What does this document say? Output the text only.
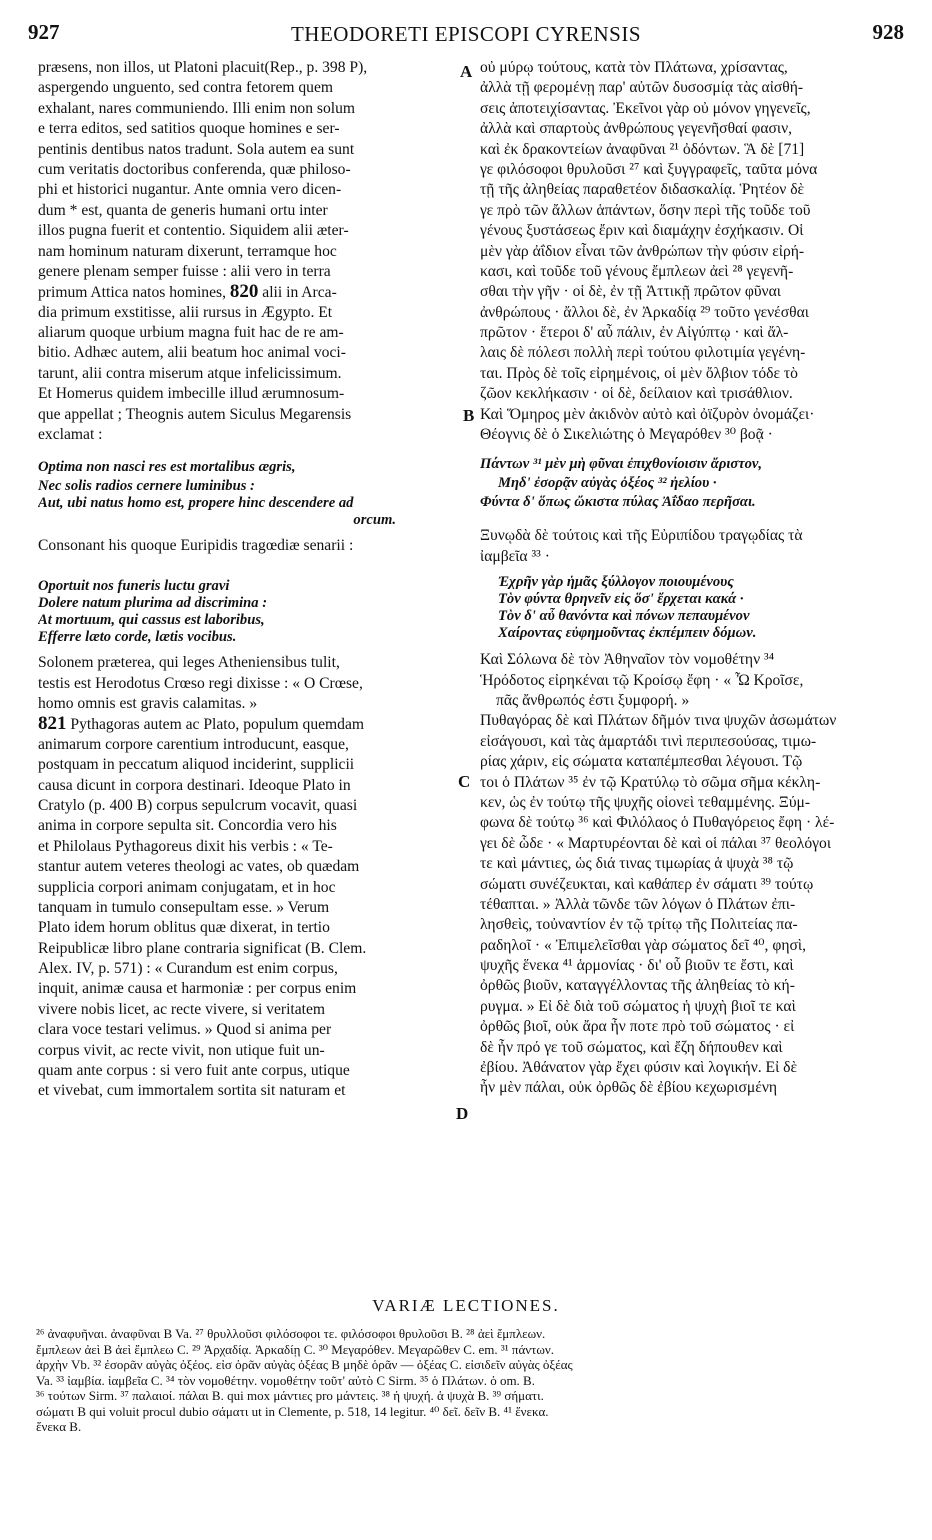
927	THEODORETI EPISCOPI CYRENSIS	928
A
B
C
D
præsens, non illos, ut Platoni placuit(Rep., p. 398 P),
aspergendo unguento, sed contra fetorem quem
exhalant, nares communiendo. Illi enim non solum
e terra editos, sed satitios quoque homines e ser-
pentinis dentibus natos tradunt. Sola autem ea sunt
cum veritatis doctoribus conferenda, quæ philoso-
phi et historici nugantur. Ante omnia vero dicen-
dum * est, quanta de generis humani ortu inter
illos pugna fuerit et contentio. Siquidem alii æter-
nam hominum naturam dixerunt, terramque hoc
genere plenam semper fuisse : alii vero in terra
primum Attica natos homines, 820 alii in Arca-
dia primum exstitisse, alii rursus in Ægypto. Et
aliarum quoque urbium magna fuit hac de re am-
bitio. Adhæc autem, alii beatum hoc animal voci-
tarunt, alii contra miserum atque infelicissimum.
Et Homerus quidem imbecille illud ærumnosum-
que appellat ; Theognis autem Siculus Megarensis
exclamat :
Optima non nasci res est mortalibus ægris,
Nec solis radios cernere luminibus :
Aut, ubi natus homo est, propere hinc descendere ad
orcum.
Consonant his quoque Euripidis tragœdiæ senarii :
Oportuit nos funeris luctu gravi
Dolere natum plurima ad discrimina :
At mortuum, qui cassus est laboribus,
Efferre læto corde, lætis vocibus.
Solonem præterea, qui leges Atheniensibus tulit,
testis est Herodotus Crœso regi dixisse : « O Crœse,
homo omnis est gravis calamitas. »
821 Pythagoras autem ac Plato, populum quemdam
animarum corpore carentium introducunt, easque,
postquam in peccatum aliquod inciderint, supplicii
causa dicunt in corpora destinari. Ideoque Plato in
Cratylo (p. 400 B) corpus sepulcrum vocavit, quasi
anima in corpore sepulta sit. Concordia vero his
et Philolaus Pythagoreus dixit his verbis : « Te-
stantur autem veteres theologi ac vates, ob quædam
supplicia corpori animam conjugatam, et in hoc
tanquam in tumulo consepultam esse. » Verum
Plato idem horum oblitus quæ dixerat, in tertio
Reipublicæ libro plane contraria significat (B. Clem.
Alex. IV, p. 571) : « Curandum est enim corpus,
inquit, animæ causa et harmoniæ : per corpus enim
vivere nobis licet, ac recte vivere, si veritatem
clara voce testari velimus. » Quod si anima per
corpus vivit, ac recte vivit, non utique fuit un-
quam ante corpus : si vero fuit ante corpus, utique
et vivebat, cum immortalem sortita sit naturam et
οὐ μύρῳ τούτους, κατὰ τὸν Πλάτωνα, χρίσαντας,
ἀλλὰ τῇ φερομένῃ παρ' αὐτῶν δυσοσμίᾳ τὰς αἰσθή-
σεις ἀποτειχίσαντας. Ἐκεῖνοι γὰρ οὐ μόνον γηγενεῖς,
ἀλλὰ καὶ σπαρτοὺς ἀνθρώπους γεγενῆσθαί φασιν,
καὶ ἐκ δρακοντείων ἀναφῦναι ²¹ ὀδόντων. Ἃ δὲ [71]
γε φιλόσοφοι θρυλοῦσι ²⁷ καὶ ξυγγραφεῖς, ταῦτα μόνα
τῇ τῆς ἀληθείας παραθετέον διδασκαλίᾳ. Ῥητέον δὲ
γε πρὸ τῶν ἄλλων ἁπάντων, ὅσην περὶ τῆς τοῦδε τοῦ
γένους ξυστάσεως ἔριν καὶ διαμάχην ἐσχήκασιν. Οἱ
μὲν γὰρ ἀΐδιον εἶναι τῶν ἀνθρώπων τὴν φύσιν εἰρή-
κασι, καὶ τοῦδε τοῦ γένους ἔμπλεων ἀεὶ ²⁸ γεγενῆ-
σθαι τὴν γῆν · οἱ δὲ, ἐν τῇ Ἀττικῇ πρῶτον φῦναι
ἀνθρώπους · ἄλλοι δὲ, ἐν Ἀρκαδίᾳ ²⁹ τοῦτο γενέσθαι
πρῶτον · ἕτεροι δ' αὖ πάλιν, ἐν Αἰγύπτῳ · καὶ ἄλ-
λαις δὲ πόλεσι πολλὴ περὶ τούτου φιλοτιμία γεγένη-
ται. Πρὸς δὲ τοῖς εἰρημένοις, οἱ μὲν ὄλβιον τόδε τὸ
ζῶον κεκλήκασιν · οἱ δὲ, δείλαιον καὶ τρισάθλιον.
Καὶ Ὅμηρος μὲν ἀκιδνὸν αὐτὸ καὶ ὀϊζυρὸν ὀνομάζει·
Θέογνις δὲ ὁ Σικελιώτης ὁ Μεγαρόθεν ³⁰ βοᾷ ·
Πάντων ³¹ μὲν μὴ φῦναι ἐπιχθονίοισιν ἄριστον,
Μηδ' ἐσορᾷν αὐγὰς ὀξέος ³² ἠελίου ·
Φύντα δ' ὅπως ὤκιστα πύλας Ἀΐδαο περῆσαι.
Ξυνῳδὰ δὲ τούτοις καὶ τῆς Εὐριπίδου τραγῳδίας τὰ
ἰαμβεῖα ³³ ·
Ἐχρῆν γὰρ ἡμᾶς ξύλλογον ποιουμένους
Τὸν φύντα θρηνεῖν εἰς ὅσ' ἔρχεται κακά ·
Τὸν δ' αὖ θανόντα καὶ πόνων πεπαυμένον
Χαίροντας εὐφημοῦντας ἐκπέμπειν δόμων.
Καὶ Σόλωνα δὲ τὸν Ἀθηναῖον τὸν νομοθέτην ³⁴
Ἡρόδοτος εἰρηκέναι τῷ Κροίσῳ ἔφη · « Ὦ Κροῖσε,
πᾶς ἄνθρωπός ἐστι ξυμφορή. »
Πυθαγόρας δὲ καὶ Πλάτων δῆμόν τινα ψυχῶν ἀσωμάτων
εἰσάγουσι, καὶ τὰς ἁμαρτάδι τινὶ περιπεσούσας, τιμω-
ρίας χάριν, εἰς σώματα καταπέμπεσθαι λέγουσι. Τῷ
τοι ὁ Πλάτων ³⁵ ἐν τῷ Κρατύλῳ τὸ σῶμα σῆμα κέκλη-
κεν, ὡς ἐν τούτῳ τῆς ψυχῆς οἱονεὶ τεθαμμένης. Ξύμ-
φωνα δὲ τούτῳ ³⁶ καὶ Φιλόλαος ὁ Πυθαγόρειος ἔφη · λέ-
γει δὲ ὧδε · « Μαρτυρέονται δὲ καὶ οἱ πάλαι ³⁷ θεολόγοι
τε καὶ μάντιες, ὡς διά τινας τιμωρίας ἁ ψυχὰ ³⁸ τῷ
σώματι συνέζευκται, καὶ καθάπερ ἐν σάματι ³⁹ τούτῳ
τέθαπται. » Ἀλλὰ τῶνδε τῶν λόγων ὁ Πλάτων ἐπι-
λησθεὶς, τοὐναντίον ἐν τῷ τρίτῳ τῆς Πολιτείας πα-
ραδηλοῖ · « Ἐπιμελεῖσθαι γὰρ σώματος δεῖ ⁴⁰, φησὶ,
ψυχῆς ἕνεκα ⁴¹ ἁρμονίας · δι' οὗ βιοῦν τε ἔστι, καὶ
ὀρθῶς βιοῦν, καταγγέλλοντας τῆς ἀληθείας τὸ κή-
ρυγμα. » Εἰ δὲ διὰ τοῦ σώματος ἡ ψυχὴ βιοῖ τε καὶ
ὀρθῶς βιοῖ, οὐκ ἄρα ἦν ποτε πρὸ τοῦ σώματος · εἰ
δὲ ἦν πρό γε τοῦ σώματος, καὶ ἔζη δήπουθεν καὶ
ἐβίου. Ἀθάνατον γὰρ ἔχει φύσιν καὶ λογικήν. Εἰ δὲ
ἦν μὲν πάλαι, οὐκ ὀρθῶς δὲ ἐβίου κεχωρισμένη
VARIÆ LECTIONES.
²⁶ ἀναφυῆναι. ἀναφῦναι B Va. ²⁷ θρυλλοῦσι φιλόσοφοι τε. φιλόσοφοι θρυλοῦσι B. ²⁸ ἀεὶ ἔμπλεων.
ἔμπλεων ἀεὶ B ἀεὶ ἔμπλεω C. ²⁹ Ἀρχαδίᾳ. Ἀρκαδίῃ C. ³⁰ Μεγαρόθεν. Μεγαρῶθεν C. em. ³¹ πάντων.
ἀρχὴν Vb. ³² ἐσορᾶν αὐγὰς ὀξέος. εἰσ ὁρᾶν αὐγὰς ὀξέας B μηδὲ ὁρᾶν — ὀξέας C. εἰσιδεῖν αὐγὰς ὀξέας
Va. ³³ ἰαμβία. ἰαμβεῖα C. ³⁴ τὸν νομοθέτην. νομοθέτην τοῦτ' αὐτὸ C Sirm. ³⁵ ὁ Πλάτων. ὁ om. B.
³⁶ τούτων Sirm. ³⁷ παλαιοί. πάλαι B. qui mox μάντιες pro μάντεις. ³⁸ ἡ ψυχή. ἁ ψυχὰ B. ³⁹ σήματι.
σώματι B qui voluit procul dubio σάματι ut in Clemente, p. 518, 14 legitur. ⁴⁰ δεῖ. δεῖν B. ⁴¹ ἕνεκα.
ἕνεκα B.
